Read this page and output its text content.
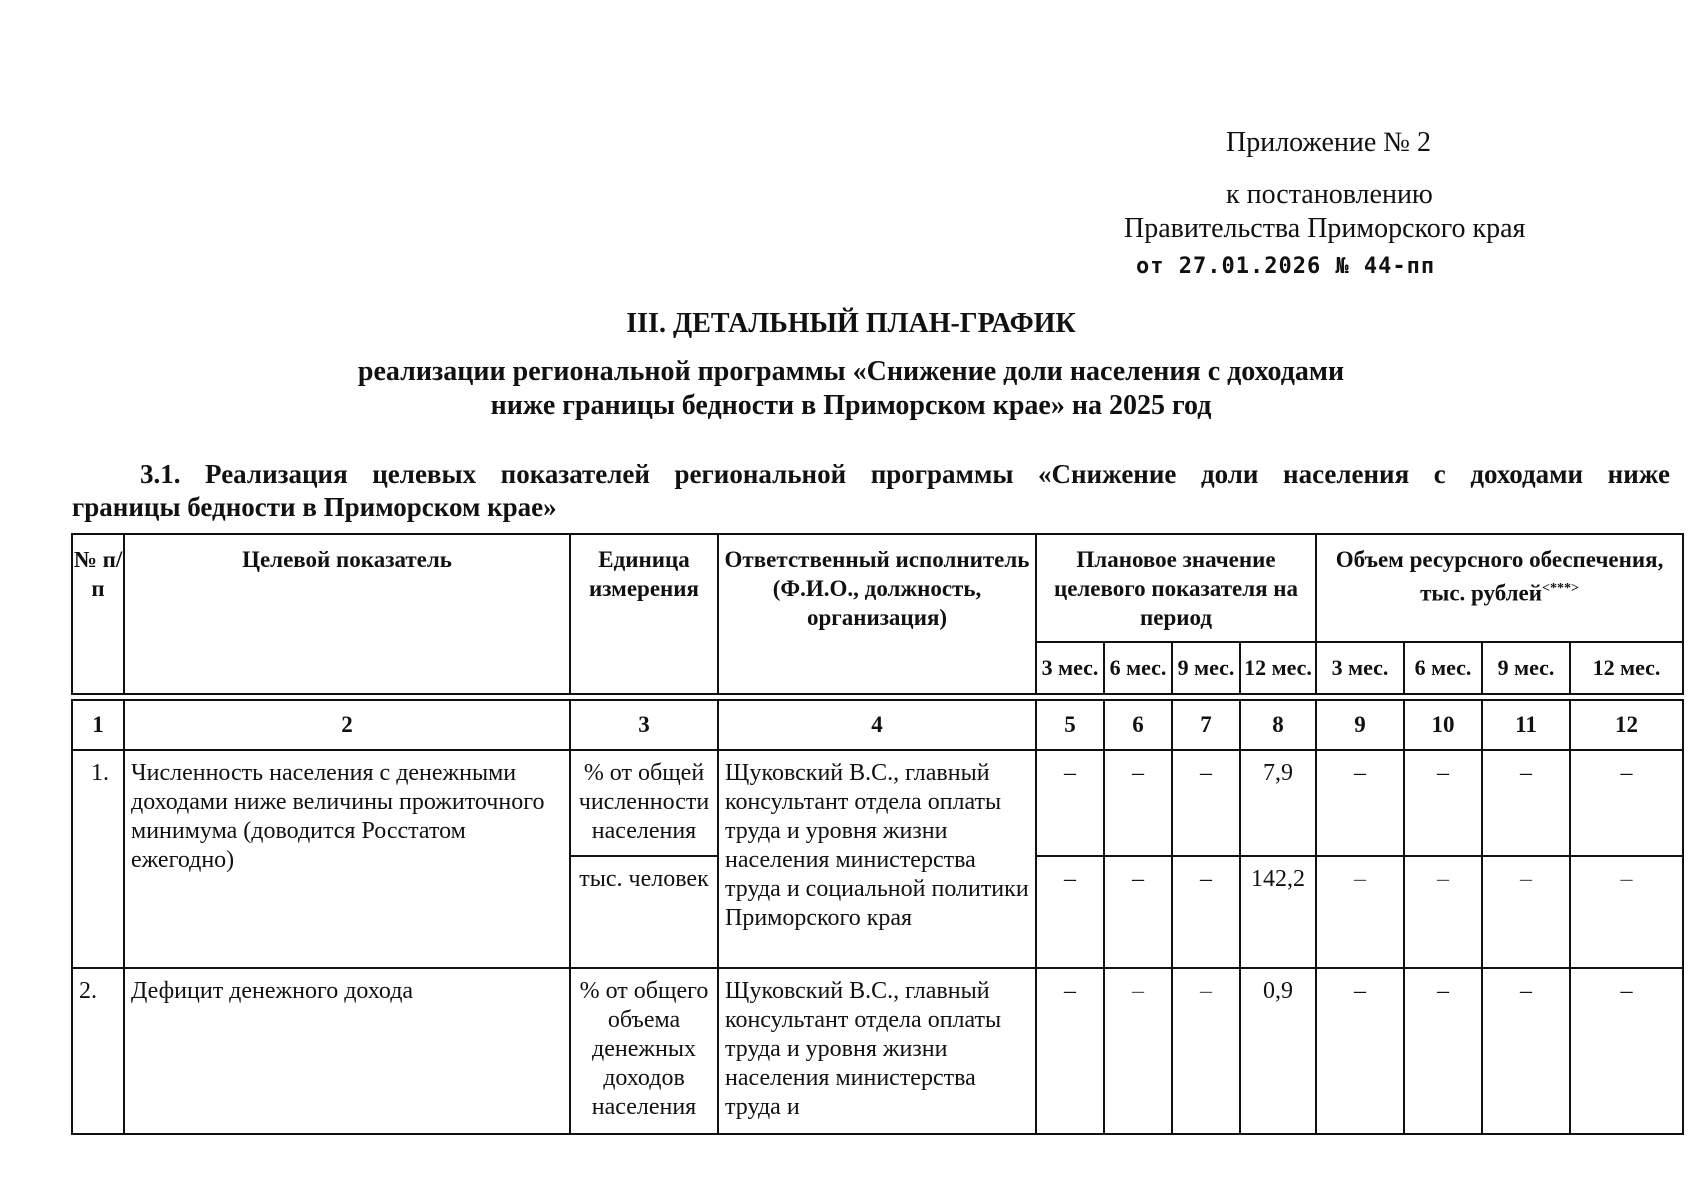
Приложение № 2
к постановлению
Правительства Приморского края
от 27.01.2026 № 44-пп
III. ДЕТАЛЬНЫЙ ПЛАН-ГРАФИК
реализации региональной программы «Снижение доли населения с доходами
ниже границы бедности в Приморском крае» на 2025 год
3.1. Реализация целевых показателей региональной программы «Снижение доли населения с доходами ниже
границы бедности в Приморском крае»
№ п/п	Целевой показатель	Единица измерения	Ответственный исполнитель (Ф.И.О., должность, организация)	Плановое значение целевого показателя на период				Объем ресурсного обеспечения, тыс. рублей<***>
				3 мес.	6 мес.	9 мес.	12 мес.	3 мес.	6 мес.	9 мес.	12 мес.

1	2	3	4	5	6	7	8	9	10	11	12
1.	Численность населения с денежными доходами ниже величины прожиточного минимума (доводится Росстатом ежегодно)	% от общей численности населения	Щуковский В.С., главный консультант отдела оплаты труда и уровня жизни населения министерства труда и социальной политики Приморского края	–	–	–	7,9	–	–	–	–
		тыс. человек		–	–	–	142,2	–	–	–	–
2.	Дефицит денежного дохода	% от общего объема денежных доходов населения	Щуковский В.С., главный консультант отдела оплаты труда и уровня жизни населения министерства труда и	–	–	–	0,9	–	–	–	–
